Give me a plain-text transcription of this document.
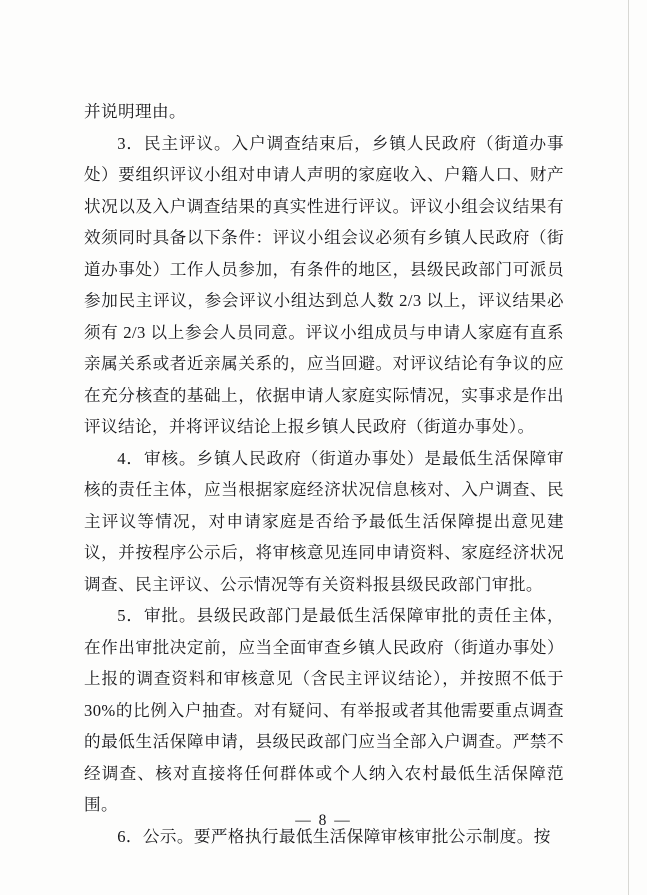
并说明理由。

3．民主评议。入户调查结束后，乡镇人民政府（街道办事处）要组织评议小组对申请人声明的家庭收入、户籍人口、财产状况以及入户调查结果的真实性进行评议。评议小组会议结果有效须同时具备以下条件：评议小组会议必须有乡镇人民政府（街道办事处）工作人员参加，有条件的地区，县级民政部门可派员参加民主评议，参会评议小组达到总人数 2/3 以上，评议结果必须有 2/3 以上参会人员同意。评议小组成员与申请人家庭有直系亲属关系或者近亲属关系的，应当回避。对评议结论有争议的应在充分核查的基础上，依据申请人家庭实际情况，实事求是作出评议结论，并将评议结论上报乡镇人民政府（街道办事处）。

4．审核。乡镇人民政府（街道办事处）是最低生活保障审核的责任主体，应当根据家庭经济状况信息核对、入户调查、民主评议等情况，对申请家庭是否给予最低生活保障提出意见建议，并按程序公示后，将审核意见连同申请资料、家庭经济状况调查、民主评议、公示情况等有关资料报县级民政部门审批。

5．审批。县级民政部门是最低生活保障审批的责任主体，在作出审批决定前，应当全面审查乡镇人民政府（街道办事处）上报的调查资料和审核意见（含民主评议结论），并按照不低于 30%的比例入户抽查。对有疑问、有举报或者其他需要重点调查的最低生活保障申请，县级民政部门应当全部入户调查。严禁不经调查、核对直接将任何群体或个人纳入农村最低生活保障范围。

6．公示。要严格执行最低生活保障审核审批公示制度。按

— 8 —
